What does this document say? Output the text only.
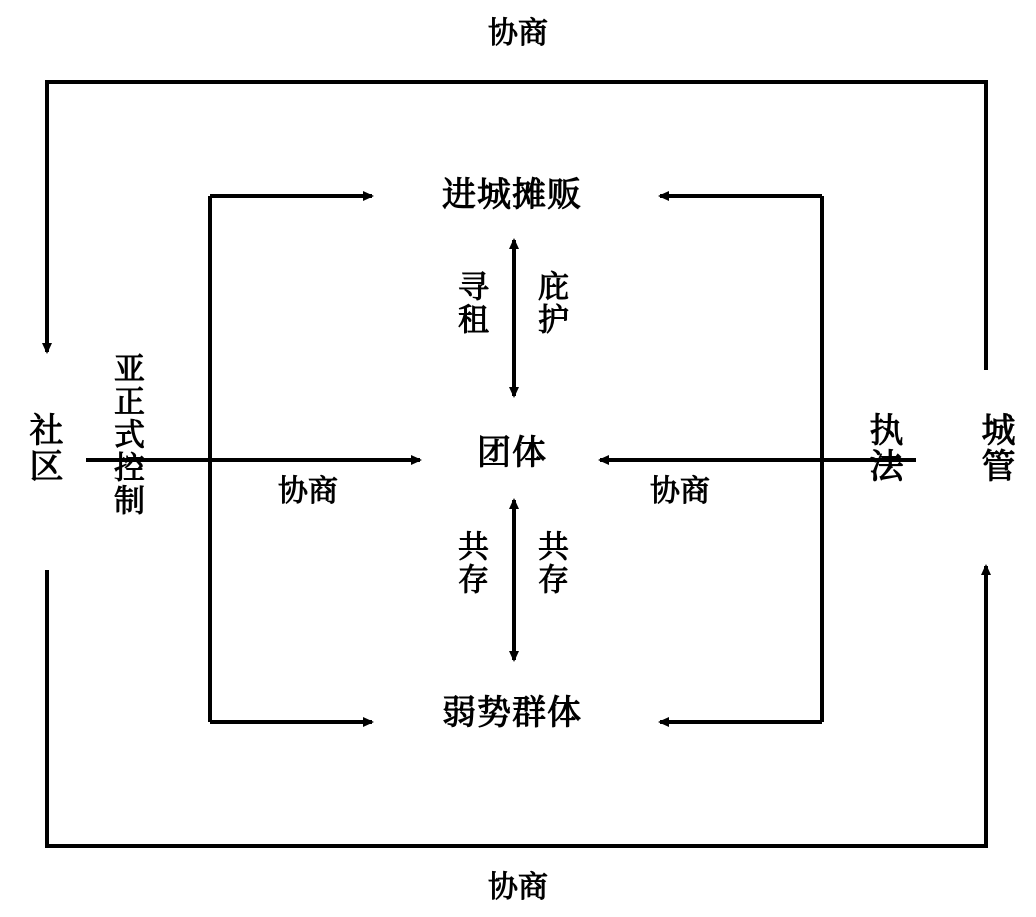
协商
协商
进城摊贩
团体
弱势群体
寻租 庇护
共存 共存
社区	亚正式控制	协商	协商
执法 城管
